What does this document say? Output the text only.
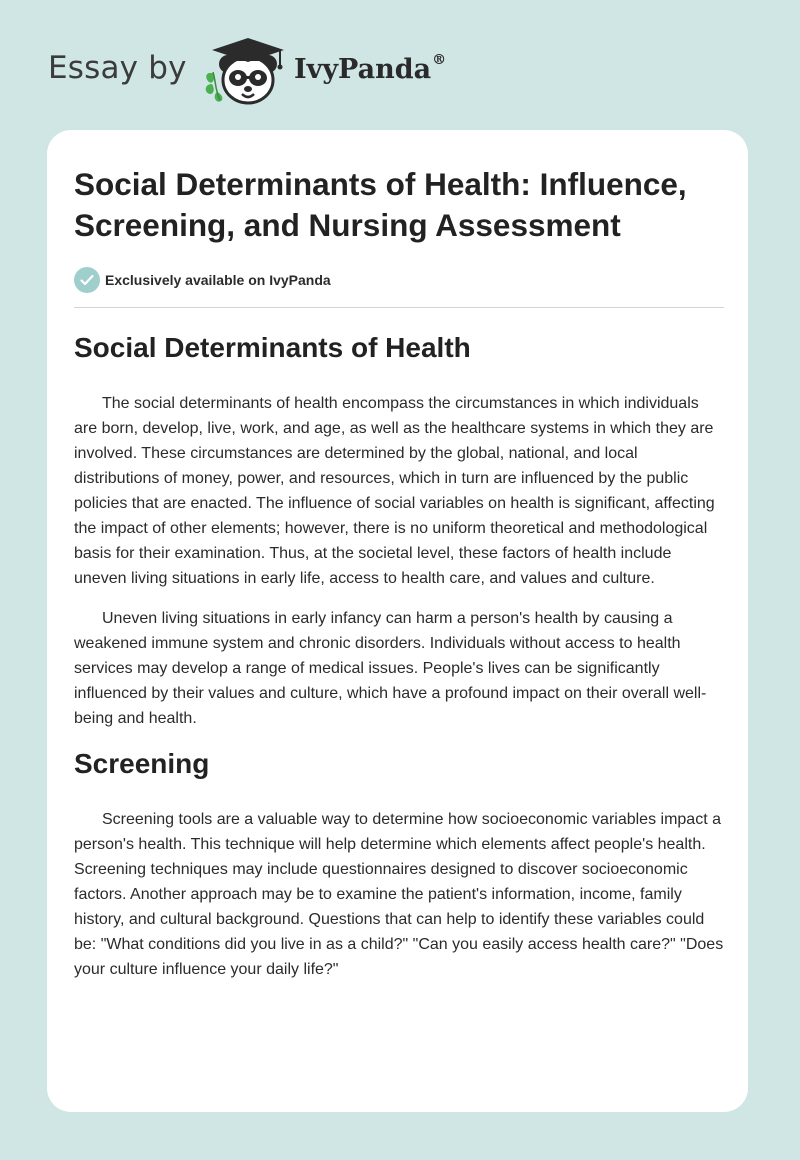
Essay by	IvyPanda®
Social Determinants of Health: Influence, Screening, and Nursing Assessment
Exclusively available on IvyPanda
Social Determinants of Health

The social determinants of health encompass the circumstances in which individuals are born, develop, live, work, and age, as well as the healthcare systems in which they are involved. These circumstances are determined by the global, national, and local distributions of money, power, and resources, which in turn are influenced by the public policies that are enacted. The influence of social variables on health is significant, affecting the impact of other elements; however, there is no uniform theoretical and methodological basis for their examination. Thus, at the societal level, these factors of health include uneven living situations in early life, access to health care, and values and culture.

Uneven living situations in early infancy can harm a person's health by causing a weakened immune system and chronic disorders. Individuals without access to health services may develop a range of medical issues. People's lives can be significantly influenced by their values and culture, which have a profound impact on their overall well-being and health.

Screening

Screening tools are a valuable way to determine how socioeconomic variables impact a person's health. This technique will help determine which elements affect people's health. Screening techniques may include questionnaires designed to discover socioeconomic factors. Another approach may be to examine the patient's information, income, family history, and cultural background. Questions that can help to identify these variables could be: "What conditions did you live in as a child?" "Can you easily access health care?" "Does your culture influence your daily life?"
